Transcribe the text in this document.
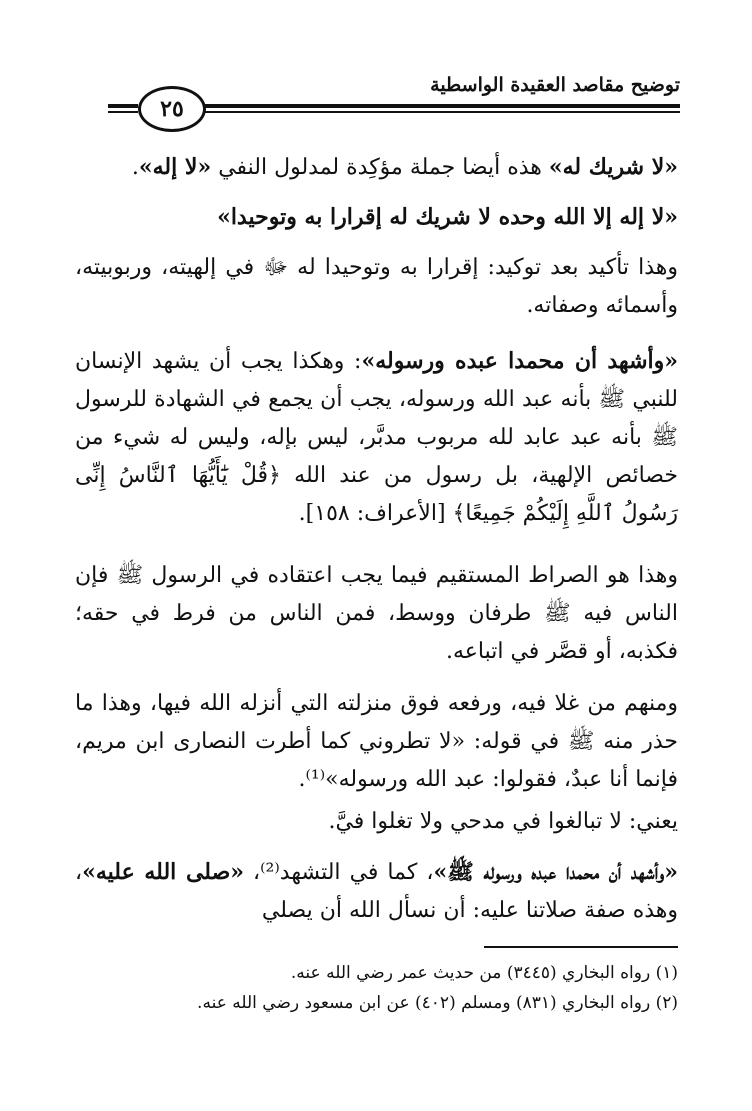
توضيح مقاصد العقيدة الواسطية
٢٥

«لا شريك له» هذه أيضا جملة مؤكِدة لمدلول النفي «لا إله».

«لا إله إلا الله وحده لا شريك له إقرارا به وتوحيدا»

وهذا تأكيد بعد توكيد: إقرارا به وتوحيدا له ﷻ في إلهيته، وربوبيته، وأسمائه وصفاته.

«وأشهد أن محمدا عبده ورسوله»: وهكذا يجب أن يشهد الإنسان للنبي ﷺ بأنه عبد الله ورسوله، يجب أن يجمع في الشهادة للرسول ﷺ بأنه عبد عابد لله مربوب مدبَّر، ليس بإله، وليس له شيء من خصائص الإلهية، بل رسول من عند الله ﴿قُلْ يَٰٓأَيُّهَا ٱلنَّاسُ إِنِّى رَسُولُ ٱللَّهِ إِلَيْكُمْ جَمِيعًا﴾ [الأعراف: ١٥٨].

وهذا هو الصراط المستقيم فيما يجب اعتقاده في الرسول ﷺ فإن الناس فيه ﷺ طرفان ووسط، فمن الناس من فرط في حقه؛ فكذبه، أو قصَّر في اتباعه.

ومنهم من غلا فيه، ورفعه فوق منزلته التي أنزله الله فيها، وهذا ما حذر منه ﷺ في قوله: «لا تطروني كما أطرت النصارى ابن مريم، فإنما أنا عبدٌ، فقولوا: عبد الله ورسوله»⁽¹⁾.

يعني: لا تبالغوا في مدحي ولا تغلوا فيَّ.

«وأشهد أن محمدا عبده ورسوله ﷺ»، كما في التشهد⁽²⁾، «صلى الله عليه»، وهذه صفة صلاتنا عليه: أن نسأل الله أن يصلي

(١) رواه البخاري (٣٤٤٥) من حديث عمر رضي الله عنه.

(٢) رواه البخاري (٨٣١) ومسلم (٤٠٢) عن ابن مسعود رضي الله عنه.
